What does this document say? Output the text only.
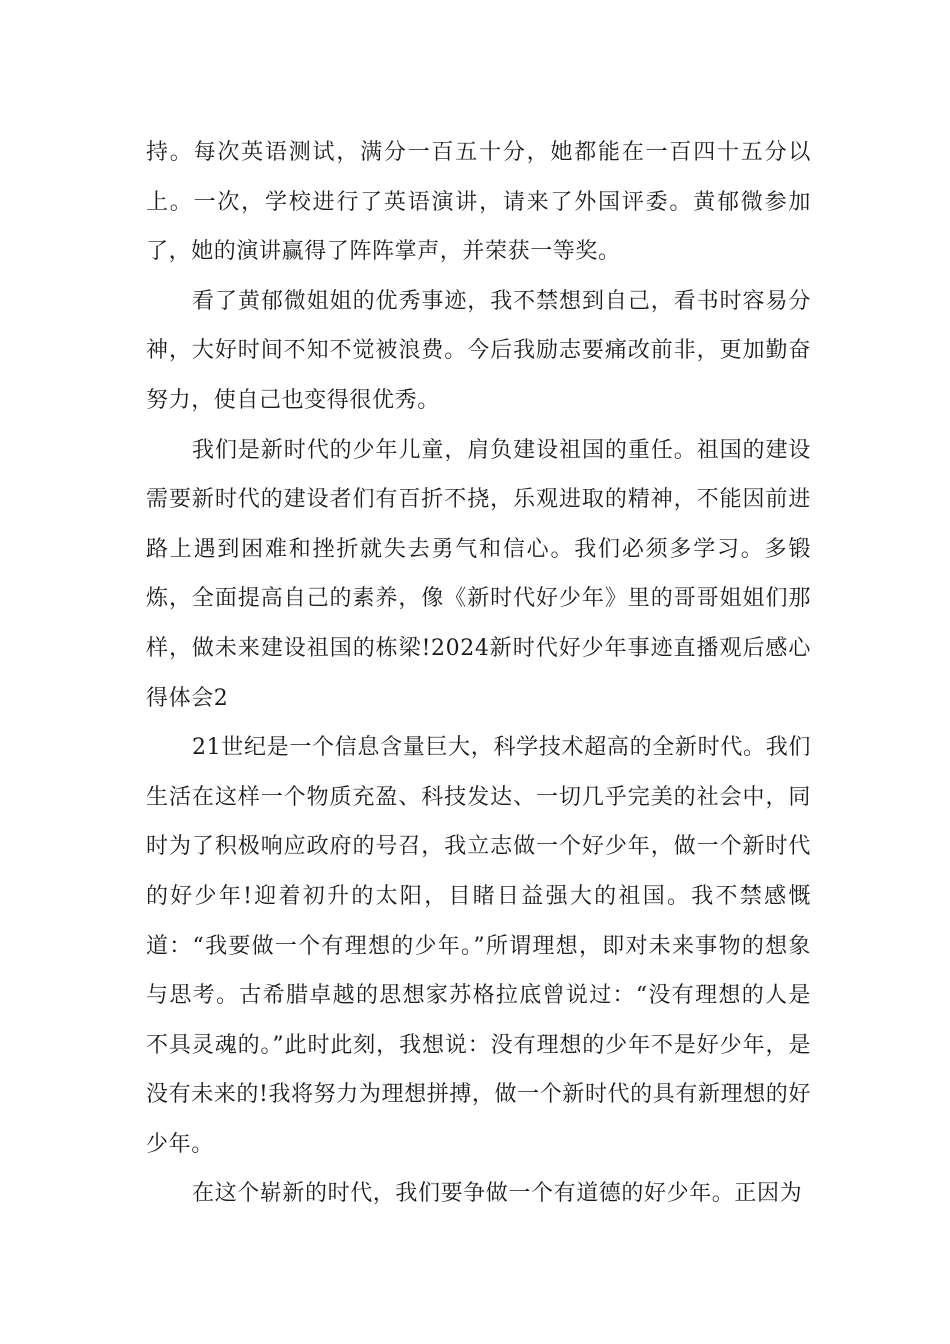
持。每次英语测试，满分一百五十分，她都能在一百四十五分以上。一次，学校进行了英语演讲，请来了外国评委。黄郁微参加了，她的演讲赢得了阵阵掌声，并荣获一等奖。

看了黄郁微姐姐的优秀事迹，我不禁想到自己，看书时容易分神，大好时间不知不觉被浪费。今后我励志要痛改前非，更加勤奋努力，使自己也变得很优秀。

我们是新时代的少年儿童，肩负建设祖国的重任。祖国的建设需要新时代的建设者们有百折不挠，乐观进取的精神，不能因前进路上遇到困难和挫折就失去勇气和信心。我们必须多学习。多锻炼，全面提高自己的素养，像《新时代好少年》里的哥哥姐姐们那样，做未来建设祖国的栋梁!2024新时代好少年事迹直播观后感心得体会2

21世纪是一个信息含量巨大，科学技术超高的全新时代。我们生活在这样一个物质充盈、科技发达、一切几乎完美的社会中，同时为了积极响应政府的号召，我立志做一个好少年，做一个新时代的好少年!迎着初升的太阳，目睹日益强大的祖国。我不禁感慨道：“我要做一个有理想的少年。”所谓理想，即对未来事物的想象与思考。古希腊卓越的思想家苏格拉底曾说过：“没有理想的人是不具灵魂的。”此时此刻，我想说：没有理想的少年不是好少年，是没有未来的!我将努力为理想拼搏，做一个新时代的具有新理想的好少年。

在这个崭新的时代，我们要争做一个有道德的好少年。正因为
